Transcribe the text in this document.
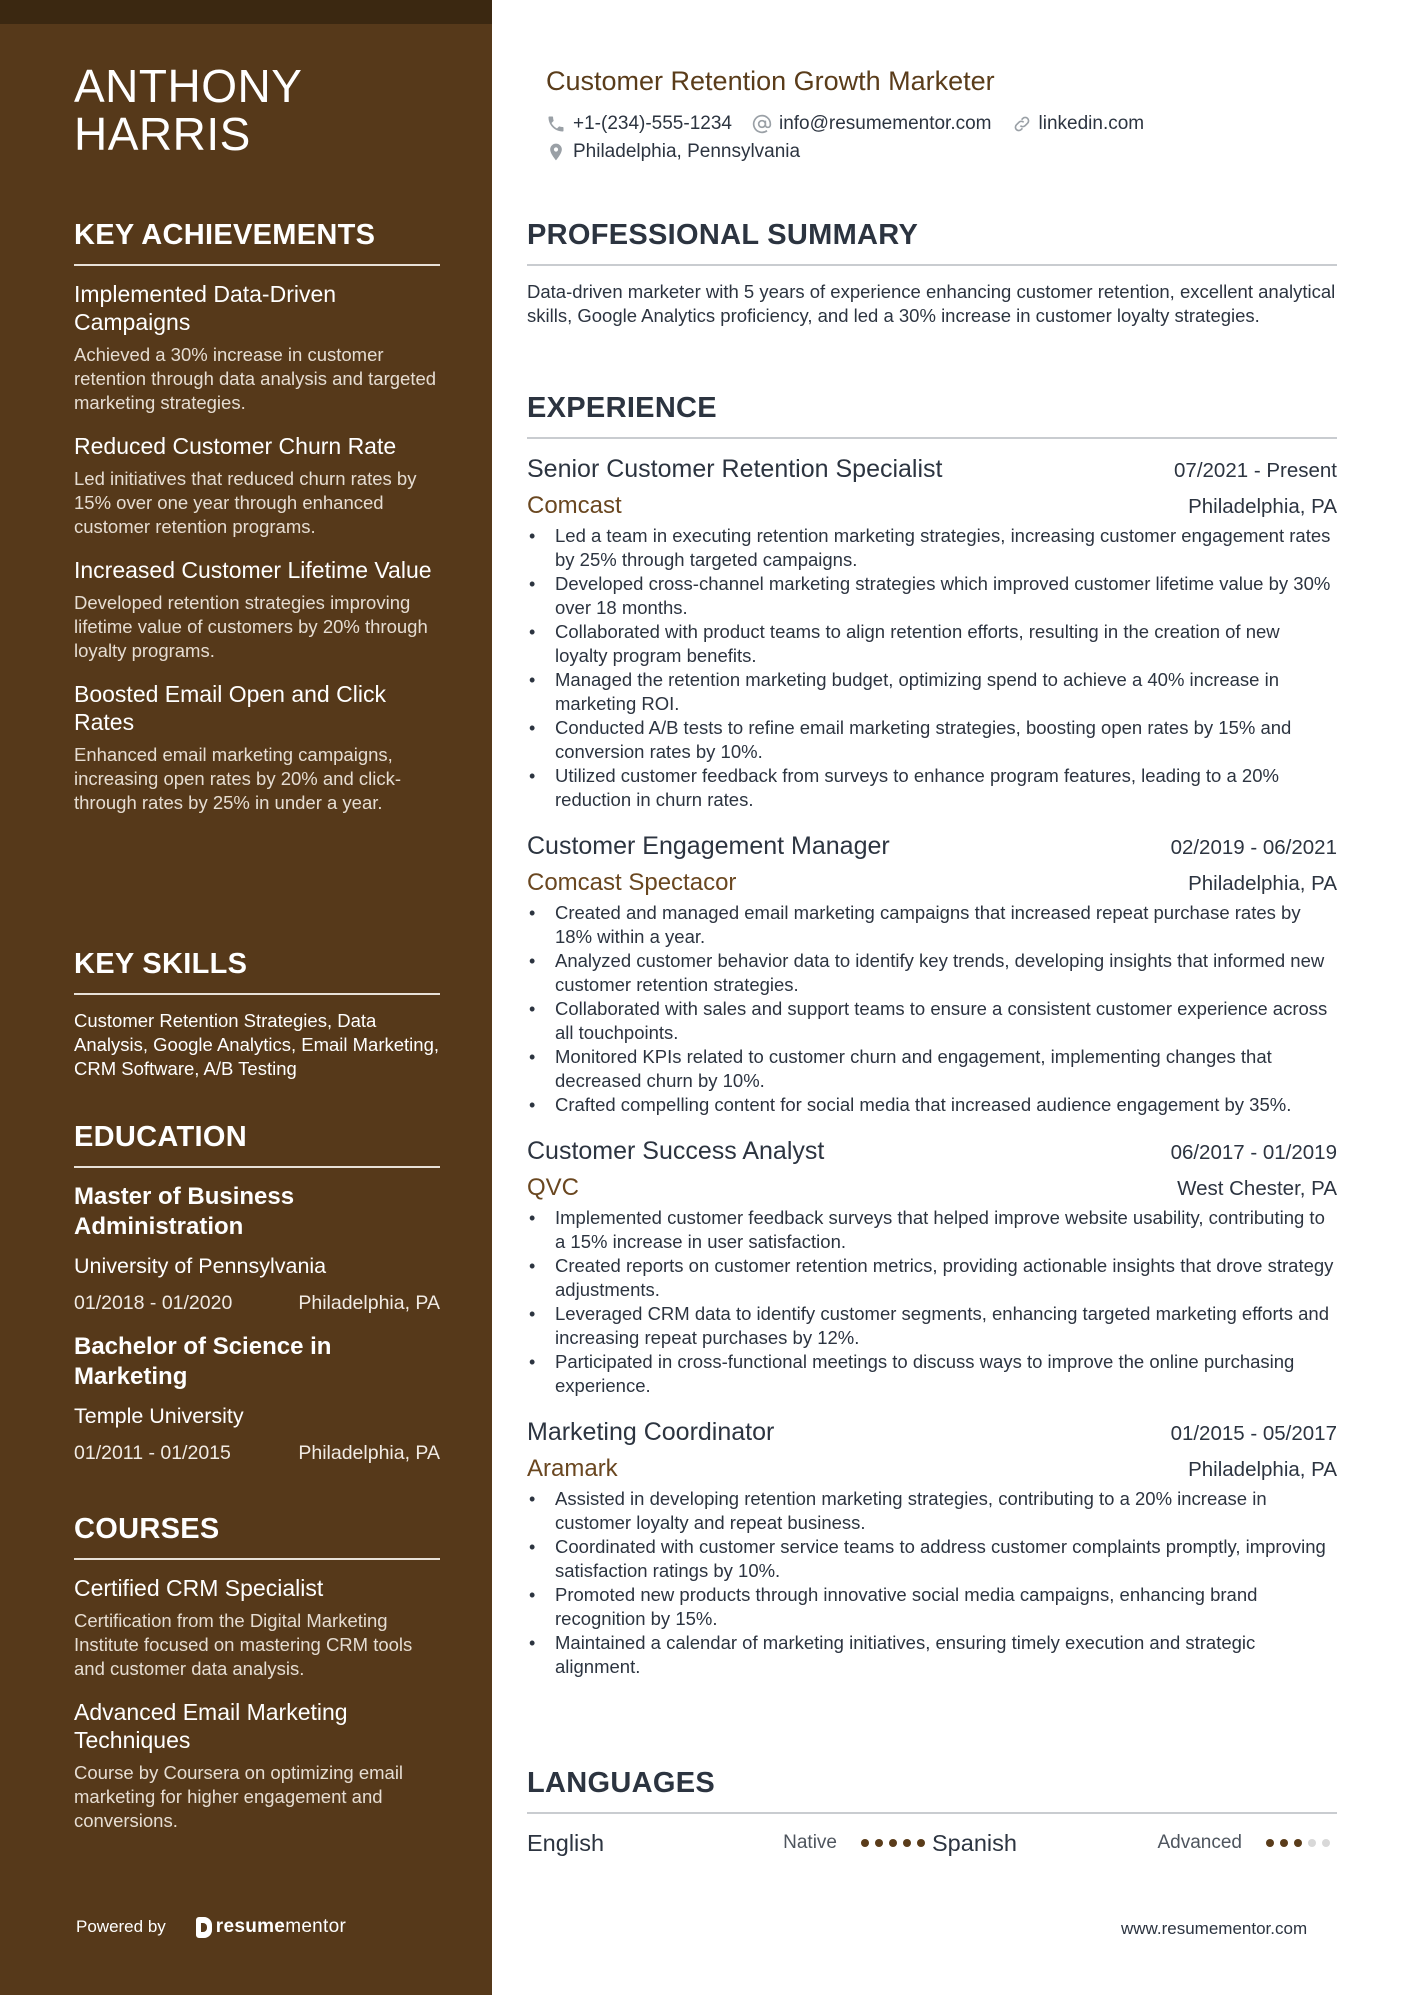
ANTHONY
HARRIS
KEY ACHIEVEMENTS
Implemented Data-Driven Campaigns
Achieved a 30% increase in customer retention through data analysis and targeted marketing strategies.
Reduced Customer Churn Rate
Led initiatives that reduced churn rates by 15% over one year through enhanced customer retention programs.
Increased Customer Lifetime Value
Developed retention strategies improving lifetime value of customers by 20% through loyalty programs.
Boosted Email Open and Click Rates
Enhanced email marketing campaigns, increasing open rates by 20% and click-through rates by 25% in under a year.
KEY SKILLS
Customer Retention Strategies, Data Analysis, Google Analytics, Email Marketing, CRM Software, A/B Testing
EDUCATION
Master of Business Administration
University of Pennsylvania
01/2018 - 01/2020	Philadelphia, PA
Bachelor of Science in Marketing
Temple University
01/2011 - 01/2015	Philadelphia, PA
COURSES
Certified CRM Specialist
Certification from the Digital Marketing Institute focused on mastering CRM tools and customer data analysis.
Advanced Email Marketing Techniques
Course by Coursera on optimizing email marketing for higher engagement and conversions.
Powered by	resume mentor
Customer Retention Growth Marketer
+1-(234)-555-1234 info@resumementor.com linkedin.com
Philadelphia, Pennsylvania
PROFESSIONAL SUMMARY

Data-driven marketer with 5 years of experience enhancing customer retention, excellent analytical skills, Google Analytics proficiency, and led a 30% increase in customer loyalty strategies.

EXPERIENCE
Senior Customer Retention Specialist	07/2021 - Present
Comcast	Philadelphia, PA
• Led a team in executing retention marketing strategies, increasing customer engagement rates by 25% through targeted campaigns.
• Developed cross-channel marketing strategies which improved customer lifetime value by 30% over 18 months.
• Collaborated with product teams to align retention efforts, resulting in the creation of new loyalty program benefits.
• Managed the retention marketing budget, optimizing spend to achieve a 40% increase in marketing ROI.
• Conducted A/B tests to refine email marketing strategies, boosting open rates by 15% and conversion rates by 10%.
• Utilized customer feedback from surveys to enhance program features, leading to a 20% reduction in churn rates.
Customer Engagement Manager	02/2019 - 06/2021
Comcast Spectacor	Philadelphia, PA
• Created and managed email marketing campaigns that increased repeat purchase rates by 18% within a year.
• Analyzed customer behavior data to identify key trends, developing insights that informed new customer retention strategies.
• Collaborated with sales and support teams to ensure a consistent customer experience across all touchpoints.
• Monitored KPIs related to customer churn and engagement, implementing changes that decreased churn by 10%.
• Crafted compelling content for social media that increased audience engagement by 35%.
Customer Success Analyst	06/2017 - 01/2019
QVC	West Chester, PA
• Implemented customer feedback surveys that helped improve website usability, contributing to a 15% increase in user satisfaction.
• Created reports on customer retention metrics, providing actionable insights that drove strategy adjustments.
• Leveraged CRM data to identify customer segments, enhancing targeted marketing efforts and increasing repeat purchases by 12%.
• Participated in cross-functional meetings to discuss ways to improve the online purchasing experience.
Marketing Coordinator	01/2015 - 05/2017
Aramark	Philadelphia, PA
• Assisted in developing retention marketing strategies, contributing to a 20% increase in customer loyalty and repeat business.
• Coordinated with customer service teams to address customer complaints promptly, improving satisfaction ratings by 10%.
• Promoted new products through innovative social media campaigns, enhancing brand recognition by 15%.
• Maintained a calendar of marketing initiatives, ensuring timely execution and strategic alignment.
LANGUAGES
English	Native	Spanish	Advanced
www.resumementor.com
